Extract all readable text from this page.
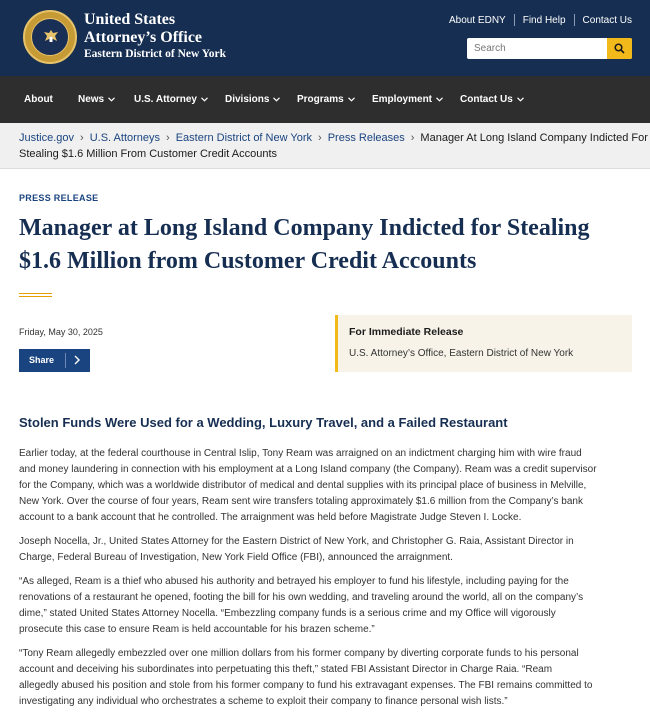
United States
Attorney’s Office
Eastern District of New York
About EDNY Find Help Contact Us
Search
About	News	U.S. Attorney	Divisions	Programs	Employment	Contact Us
Justice.gov › U.S. Attorneys › Eastern District of New York › Press Releases › Manager At Long Island Company Indicted For
Stealing $1.6 Million From Customer Credit Accounts
PRESS RELEASE
Manager at Long Island Company Indicted for Stealing
$1.6 Million from Customer Credit Accounts
Friday, May 30, 2025
Share
For Immediate Release
U.S. Attorney’s Office, Eastern District of New York
Stolen Funds Were Used for a Wedding, Luxury Travel, and a Failed Restaurant
Earlier today, at the federal courthouse in Central Islip, Tony Ream was arraigned on an indictment charging him with wire fraud
and money laundering in connection with his employment at a Long Island company (the Company). Ream was a credit supervisor
for the Company, which was a worldwide distributor of medical and dental supplies with its principal place of business in Melville,
New York. Over the course of four years, Ream sent wire transfers totaling approximately $1.6 million from the Company’s bank
account to a bank account that he controlled. The arraignment was held before Magistrate Judge Steven I. Locke.
Joseph Nocella, Jr., United States Attorney for the Eastern District of New York, and Christopher G. Raia, Assistant Director in
Charge, Federal Bureau of Investigation, New York Field Office (FBI), announced the arraignment.
“As alleged, Ream is a thief who abused his authority and betrayed his employer to fund his lifestyle, including paying for the
renovations of a restaurant he opened, footing the bill for his own wedding, and traveling around the world, all on the company’s
dime,” stated United States Attorney Nocella. “Embezzling company funds is a serious crime and my Office will vigorously
prosecute this case to ensure Ream is held accountable for his brazen scheme.”
“Tony Ream allegedly embezzled over one million dollars from his former company by diverting corporate funds to his personal
account and deceiving his subordinates into perpetuating this theft,” stated FBI Assistant Director in Charge Raia. “Ream
allegedly abused his position and stole from his former company to fund his extravagant expenses. The FBI remains committed to
investigating any individual who orchestrates a scheme to exploit their company to finance personal wish lists.”
